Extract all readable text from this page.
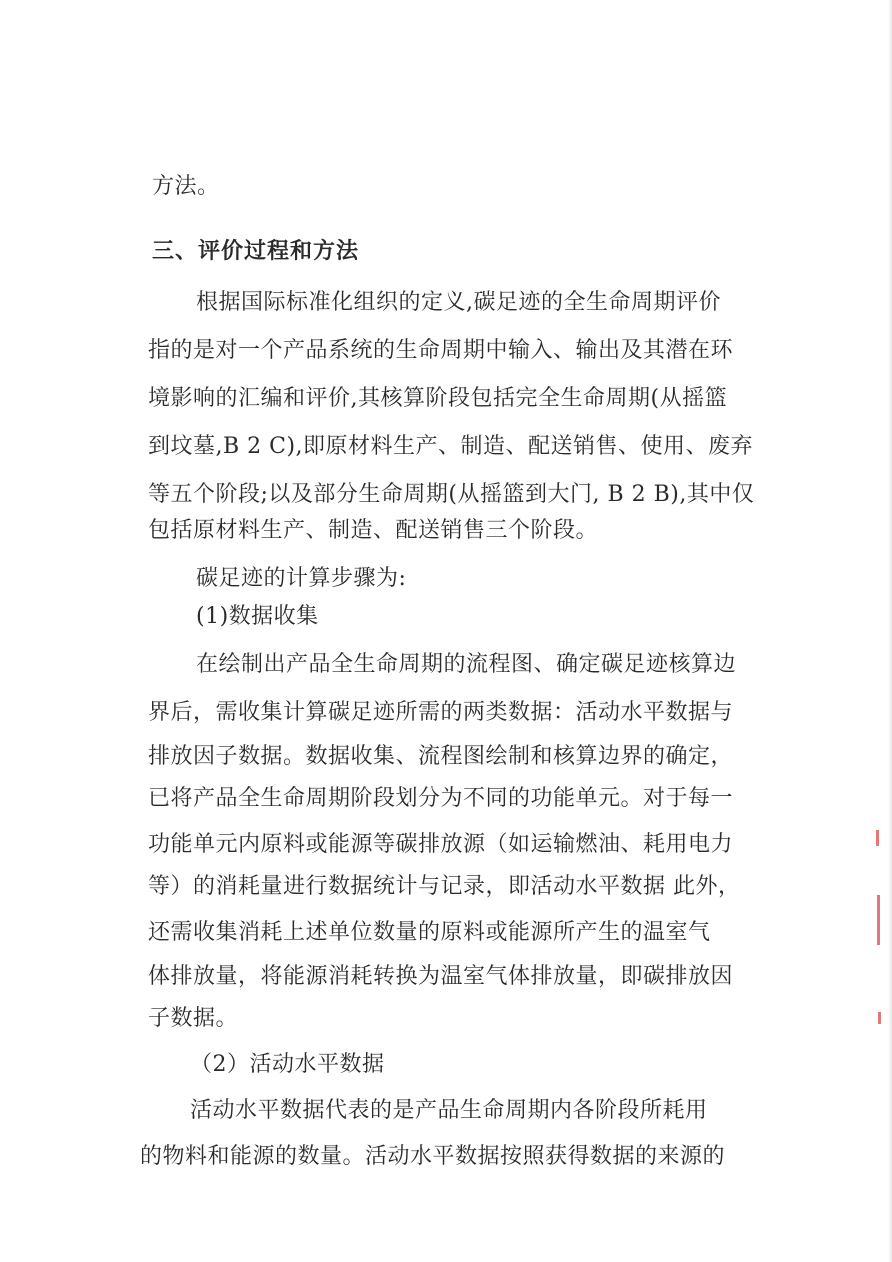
方法。
三、评价过程和方法
根据国际标准化组织的定义,碳足迹的全生命周期评价
指的是对一个产品系统的生命周期中输入、输出及其潜在环
境影响的汇编和评价,其核算阶段包括完全生命周期(从摇篮
到坟墓,B 2 C),即原材料生产、制造、配送销售、使用、废弃
等五个阶段;以及部分生命周期(从摇篮到大门, B 2 B),其中仅
包括原材料生产、制造、配送销售三个阶段。
碳足迹的计算步骤为:
(1)数据收集
在绘制出产品全生命周期的流程图、确定碳足迹核算边
界后，需收集计算碳足迹所需的两类数据：活动水平数据与
排放因子数据。数据收集、流程图绘制和核算边界的确定，
已将产品全生命周期阶段划分为不同的功能单元。对于每一
功能单元内原料或能源等碳排放源（如运输燃油、耗用电力
等）的消耗量进行数据统计与记录，即活动水平数据 此外，
还需收集消耗上述单位数量的原料或能源所产生的温室气
体排放量，将能源消耗转换为温室气体排放量，即碳排放因
子数据。
（2）活动水平数据
活动水平数据代表的是产品生命周期内各阶段所耗用
的物料和能源的数量。活动水平数据按照获得数据的来源的
